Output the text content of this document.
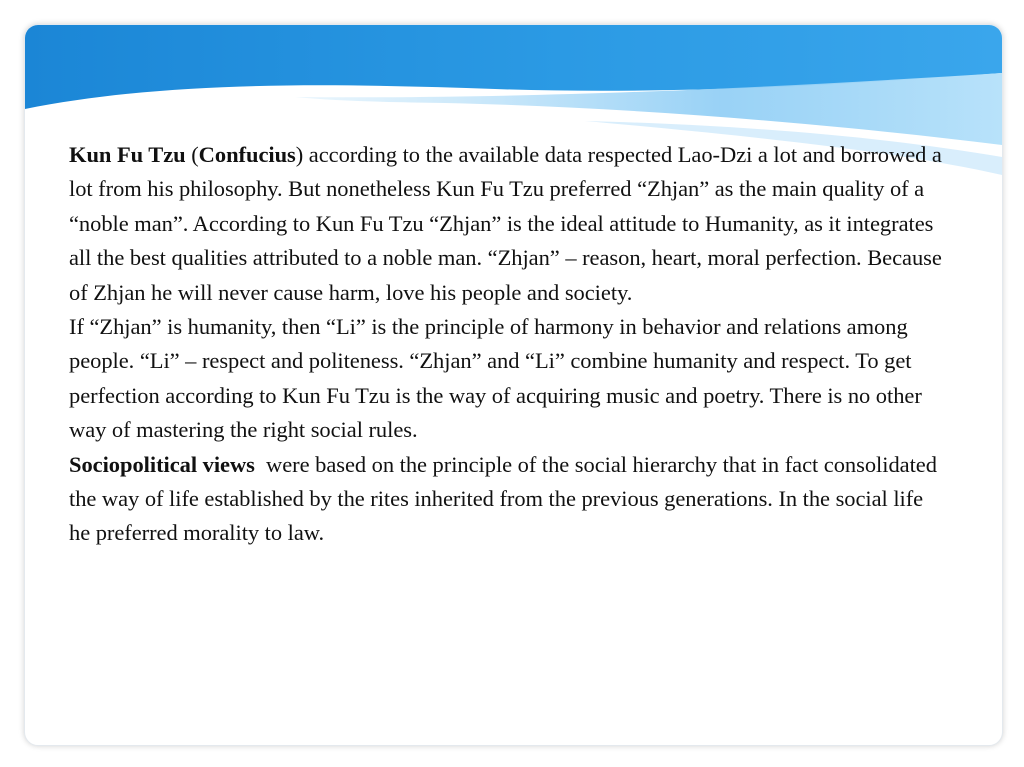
Kun Fu Tzu (Confucius) according to the available data respected Lao-Dzi a lot and borrowed a lot from his philosophy. But nonetheless Kun Fu Tzu preferred “Zhjan” as the main quality of a “noble man”. According to Kun Fu Tzu “Zhjan” is the ideal attitude to Humanity, as it integrates all the best qualities attributed to a noble man. “Zhjan” – reason, heart, moral perfection. Because of Zhjan he will never cause harm, love his people and society.

If “Zhjan” is humanity, then “Li” is the principle of harmony in behavior and relations among people. “Li” – respect and politeness. “Zhjan” and “Li” combine humanity and respect. To get perfection according to Kun Fu Tzu is the way of acquiring music and poetry. There is no other way of mastering the right social rules.

Sociopolitical views  were based on the principle of the social hierarchy that in fact consolidated the way of life established by the rites inherited from the previous generations. In the social life he preferred morality to law.
